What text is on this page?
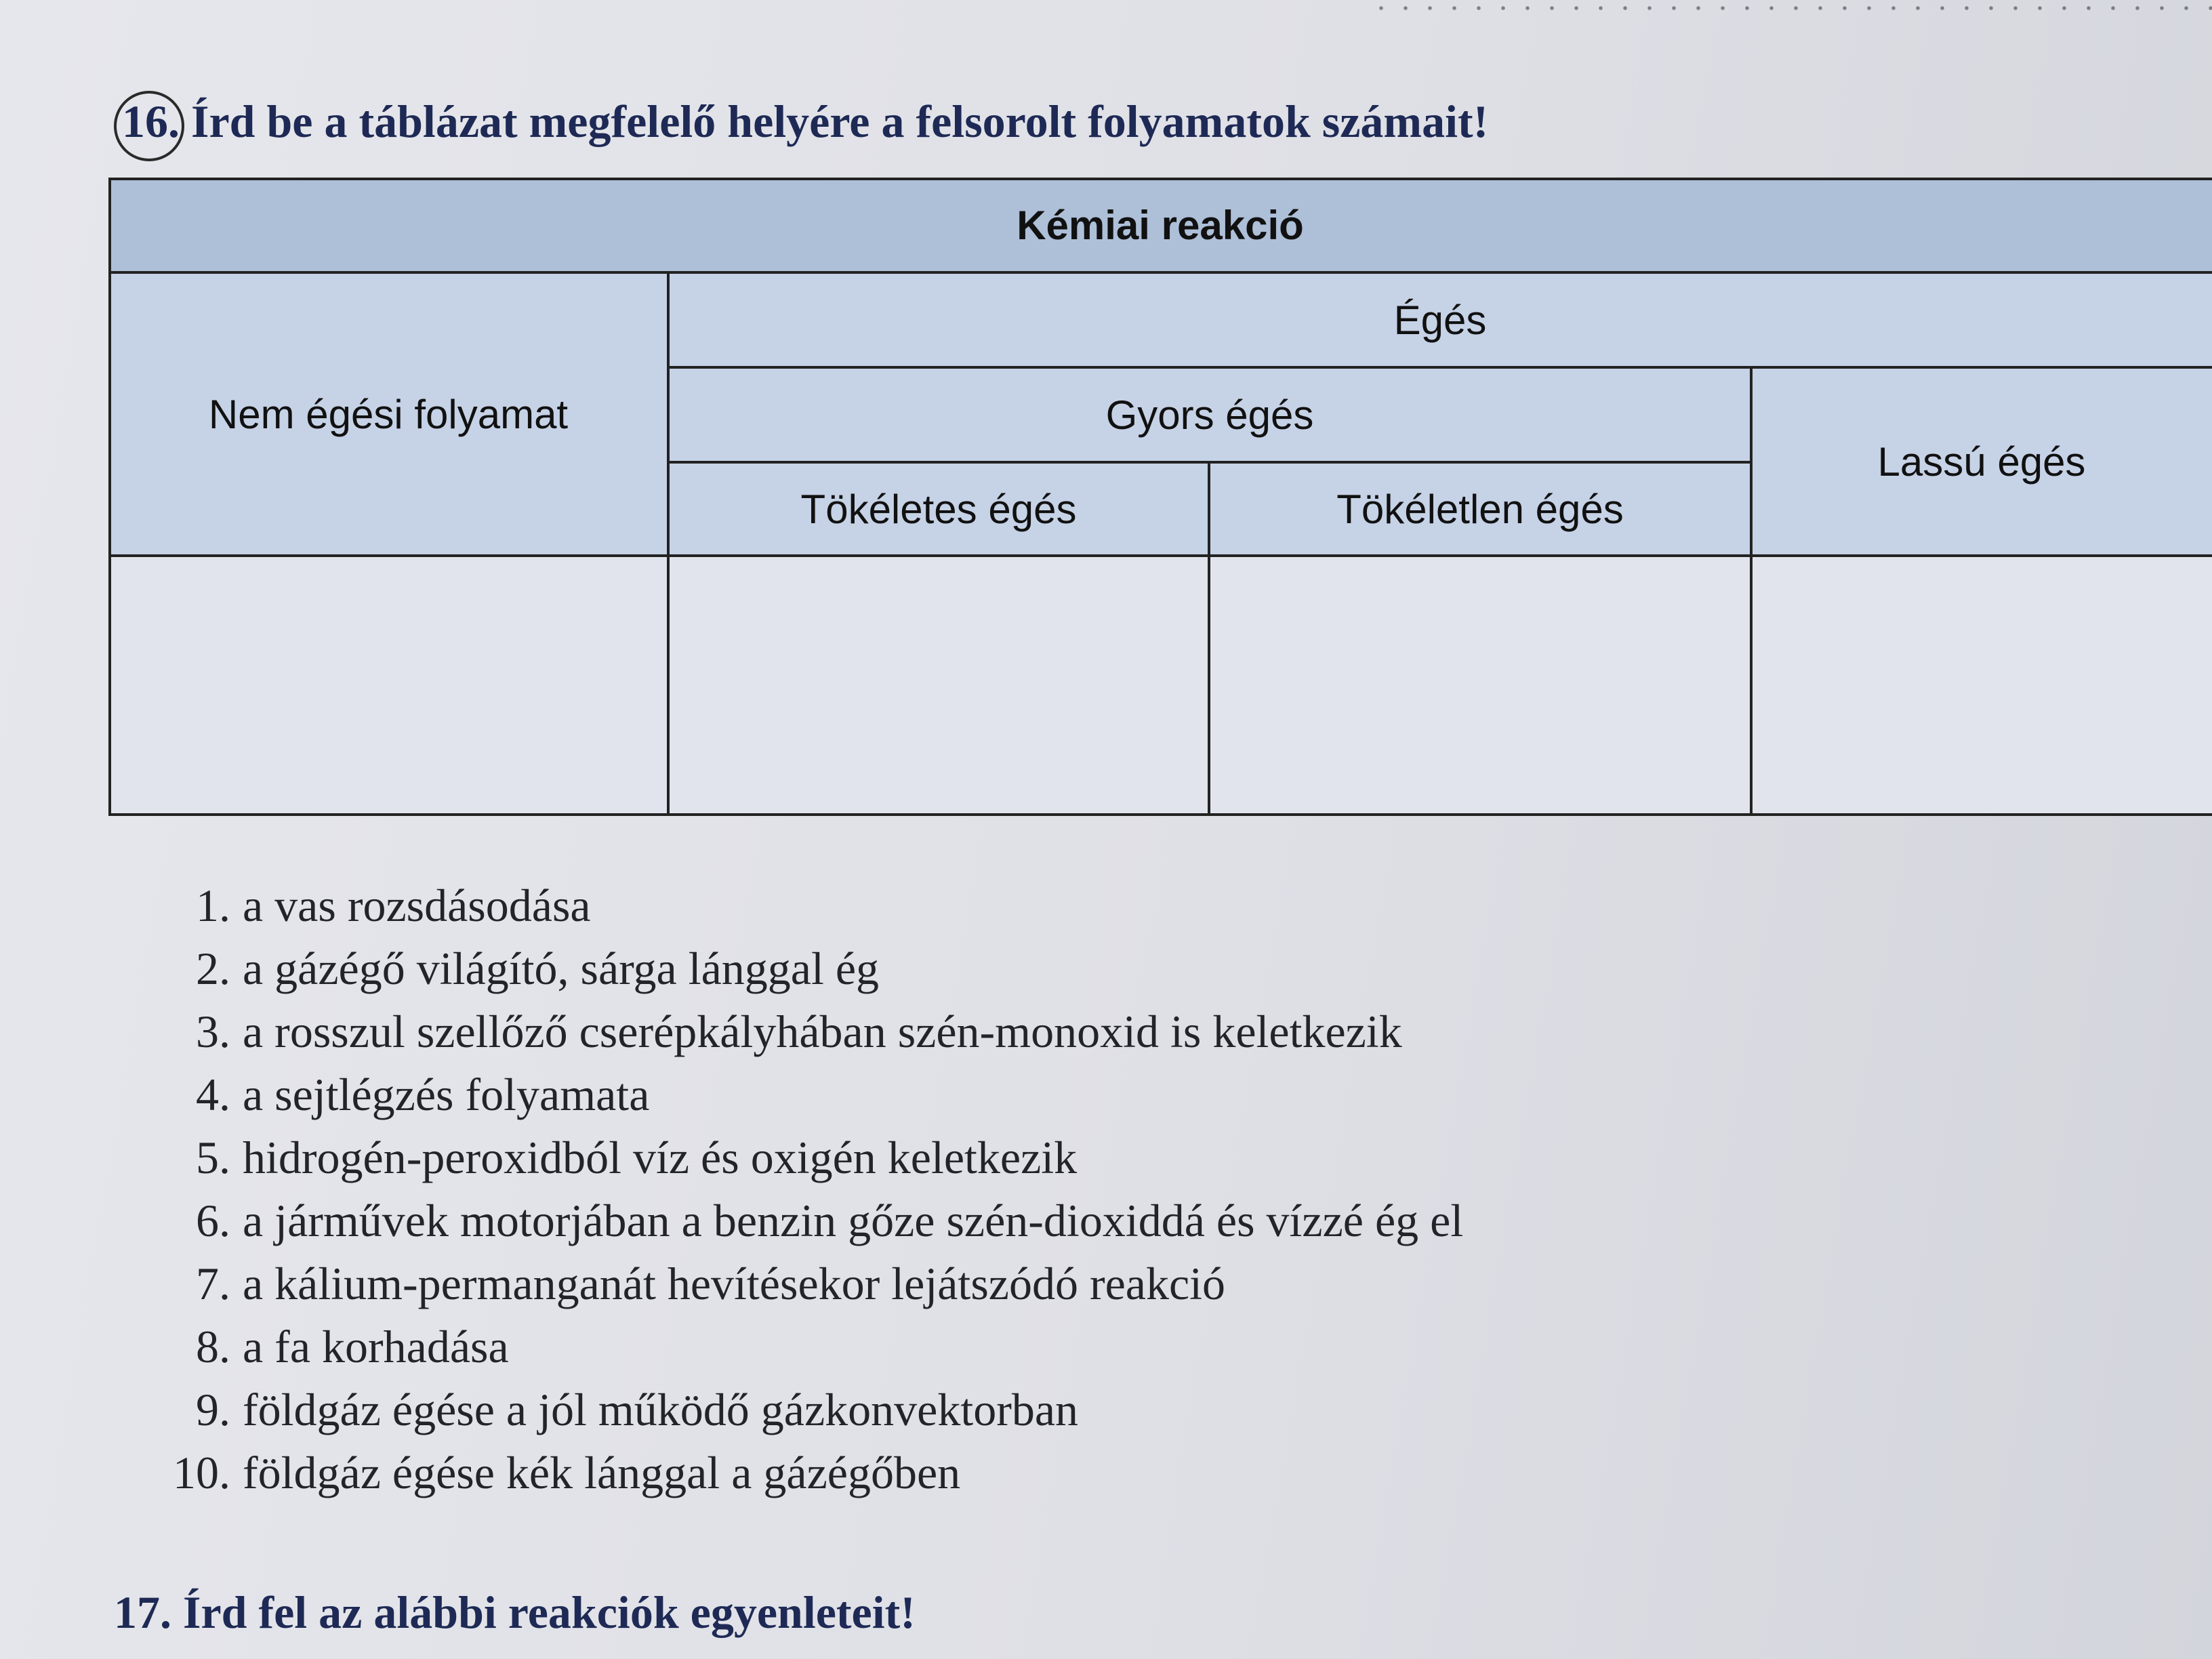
16. Írd be a táblázat megfelelő helyére a felsorolt folyamatok számait!
Kémiai reakció
Nem égési folyamat
Égés
Gyors égés
Lassú égés
Tökéletes égés	Tökéletlen égés
1. a vas rozsdásodása
2. a gázégő világító, sárga lánggal ég
3. a rosszul szellőző cserépkályhában szén-monoxid is keletkezik
4. a sejtlégzés folyamata
5. hidrogén-peroxidból víz és oxigén keletkezik
6. a járművek motorjában a benzin gőze szén-dioxiddá és vízzé ég el
7. a kálium-permanganát hevítésekor lejátszódó reakció
8. a fa korhadása
9. földgáz égése a jól működő gázkonvektorban
10. földgáz égése kék lánggal a gázégőben
17. Írd fel az alábbi reakciók egyenleteit!
